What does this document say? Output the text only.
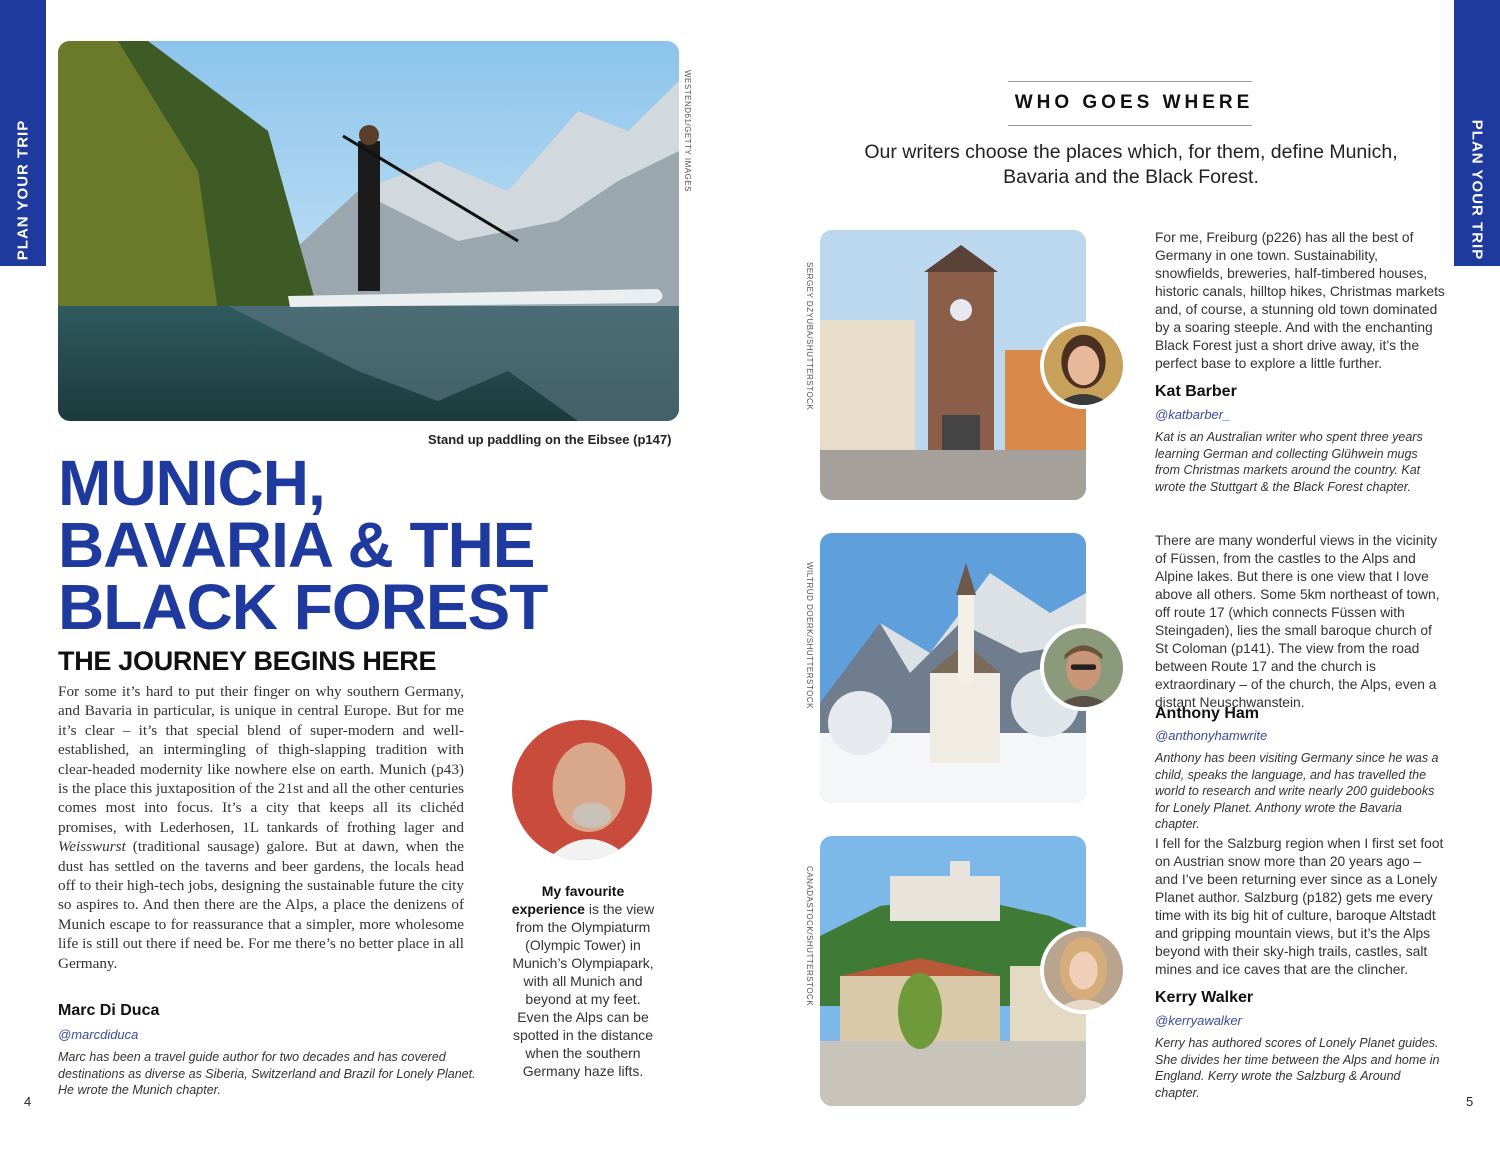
PLAN YOUR TRIP	PLAN YOUR TRIP
WESTEND61/GETTY IMAGES
Stand up paddling on the Eibsee (p147)
MUNICH,
BAVARIA & THE
BLACK FOREST
THE JOURNEY BEGINS HERE
For some it’s hard to put their finger on why southern Germany, and Bavaria in particular, is unique in central Europe. But for me it’s clear – it’s that special blend of super-modern and well-established, an intermingling of thigh-slapping tradition with clear-headed modernity like nowhere else on earth. Munich (p43) is the place this juxtaposition of the 21st and all the other centuries comes most into focus. It’s a city that keeps all its clichéd promises, with Lederhosen, 1L tankards of frothing lager and Weisswurst (traditional sausage) galore. But at dawn, when the dust has settled on the taverns and beer gardens, the locals head off to their high-tech jobs, designing the sustainable future the city so aspires to. And then there are the Alps, a place the denizens of Munich escape to for reassurance that a simpler, more wholesome life is still out there if need be. For me there’s no better place in all Germany.
Marc Di Duca
@marcdiduca
Marc has been a travel guide author for two decades and has covered destinations as diverse as Siberia, Switzerland and Brazil for Lonely Planet. He wrote the Munich chapter.
My favourite experience is the view from the Olympiaturm (Olympic Tower) in Munich’s Olympiapark, with all Munich and beyond at my feet. Even the Alps can be spotted in the distance when the southern Germany haze lifts.
4
WHO GOES WHERE
Our writers choose the places which, for them, define Munich, Bavaria and the Black Forest.
SERGEY DZYUBA/SHUTTERSTOCK
For me, Freiburg (p226) has all the best of Germany in one town. Sustainability, snowfields, breweries, half-timbered houses, historic canals, hilltop hikes, Christmas markets and, of course, a stunning old town dominated by a soaring steeple. And with the enchanting Black Forest just a short drive away, it’s the perfect base to explore a little further.
Kat Barber
@katbarber_
Kat is an Australian writer who spent three years learning German and collecting Glühwein mugs from Christmas markets around the country. Kat wrote the Stuttgart & the Black Forest chapter.
WILTRUD DOERK/SHUTTERSTOCK
There are many wonderful views in the vicinity of Füssen, from the castles to the Alps and Alpine lakes. But there is one view that I love above all others. Some 5km northeast of town, off route 17 (which connects Füssen with Steingaden), lies the small baroque church of St Coloman (p141). The view from the road between Route 17 and the church is extraordinary – of the church, the Alps, even a distant Neuschwanstein.
Anthony Ham
@anthonyhamwrite
Anthony has been visiting Germany since he was a child, speaks the language, and has travelled the world to research and write nearly 200 guidebooks for Lonely Planet. Anthony wrote the Bavaria chapter.
CANADASTOCK/SHUTTERSTOCK
I fell for the Salzburg region when I first set foot on Austrian snow more than 20 years ago – and I’ve been returning ever since as a Lonely Planet author. Salzburg (p182) gets me every time with its big hit of culture, baroque Altstadt and gripping mountain views, but it’s the Alps beyond with their sky-high trails, castles, salt mines and ice caves that are the clincher.
Kerry Walker
@kerryawalker
Kerry has authored scores of Lonely Planet guides. She divides her time between the Alps and home in England. Kerry wrote the Salzburg & Around chapter.
5
